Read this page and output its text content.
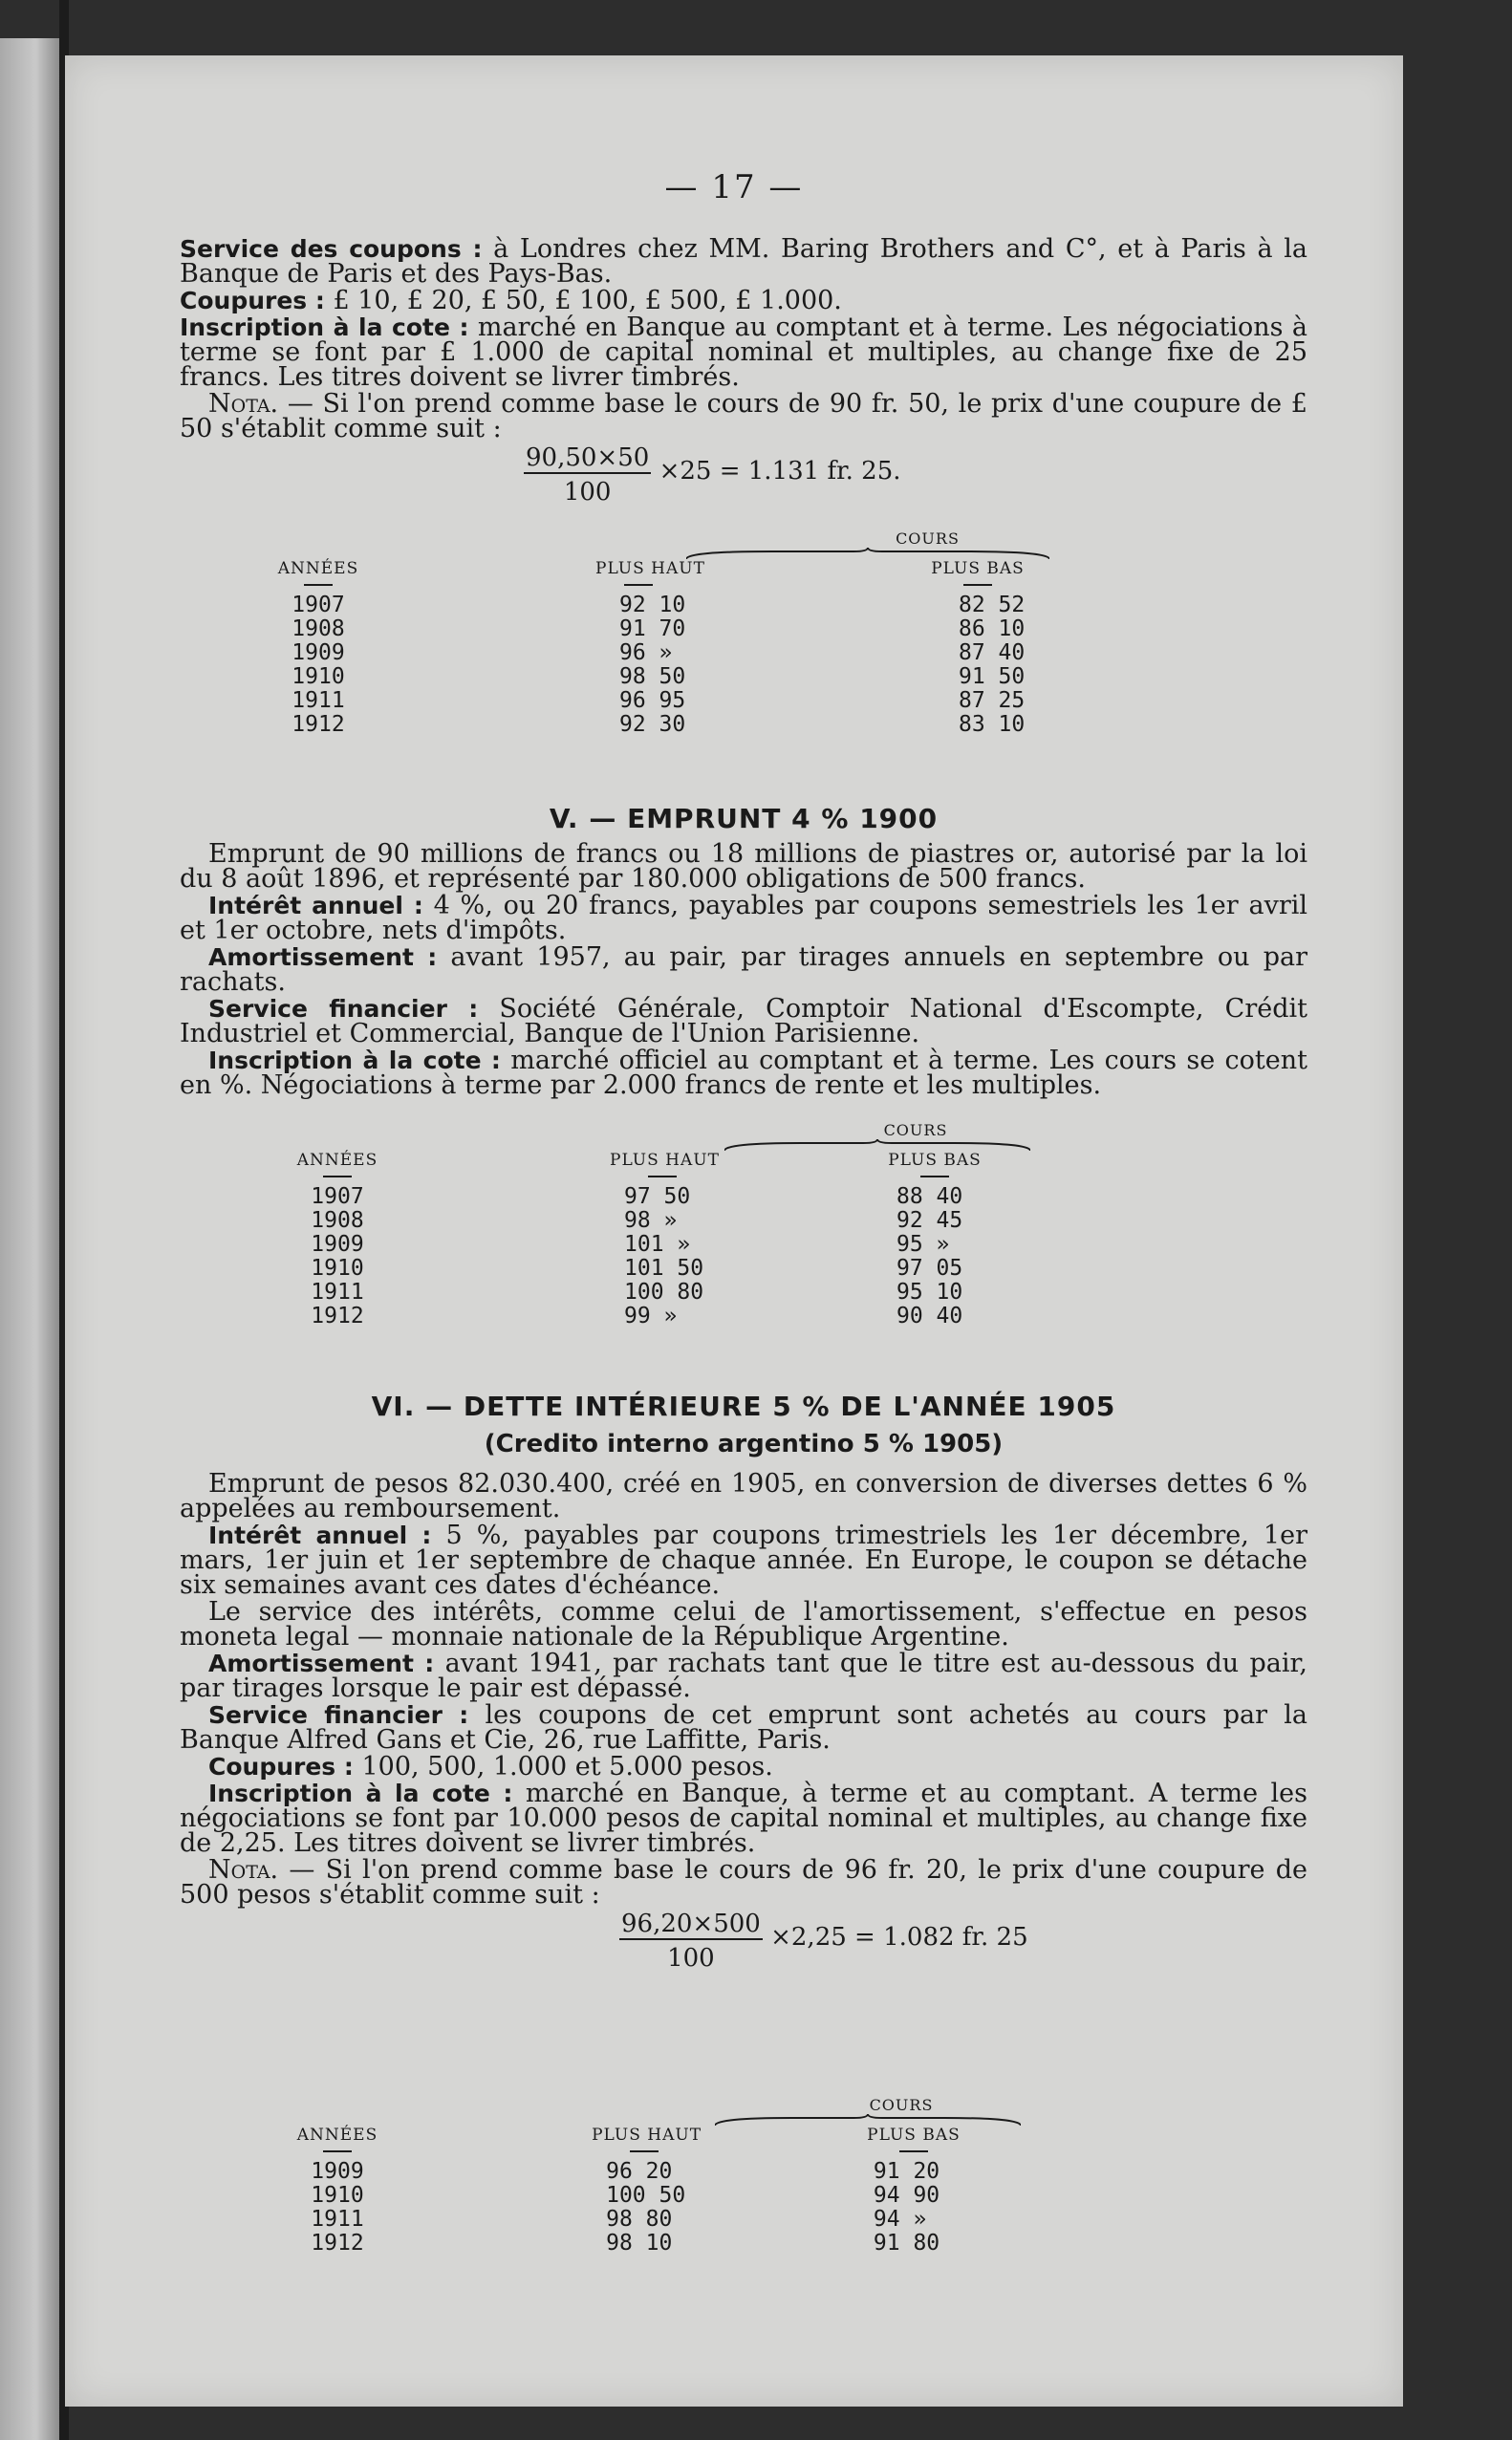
— 17 —

Service des coupons : à Londres chez MM. Baring Brothers and C°, et à Paris à la Banque de Paris et des Pays-Bas.

Coupures : £ 10, £ 20, £ 50, £ 100, £ 500, £ 1.000.

Inscription à la cote : marché en Banque au comptant et à terme. Les négociations à terme se font par £ 1.000 de capital nominal et multiples, au change fixe de 25 francs. Les titres doivent se livrer timbrés.

Nota. — Si l'on prend comme base le cours de 90 fr. 50, le prix d'une coupure de £ 50 s'établit comme suit :

$\frac{90,50\times 50}{100} \times 25 = 1.131$ fr. 25.

	COURS		

ANNÉES		PLUS HAUT	PLUS BAS

1907		92 10	82 52
1908		91 70	86 10
1909		96 »	87 40
1910		98 50	91 50
1911		96 95	87 25
1912		92 30	83 10
V. — EMPRUNT 4 % 1900

Emprunt de 90 millions de francs ou 18 millions de piastres or, autorisé par la loi du 8 août 1896, et représenté par 180.000 obligations de 500 francs.

Intérêt annuel : 4 %, ou 20 francs, payables par coupons semestriels les 1er avril et 1er octobre, nets d'impôts.

Amortissement : avant 1957, au pair, par tirages annuels en septembre ou par rachats.

Service financier : Société Générale, Comptoir National d'Escompte, Crédit Industriel et Commercial, Banque de l'Union Parisienne.

Inscription à la cote : marché officiel au comptant et à terme. Les cours se cotent en %. Négociations à terme par 2.000 francs de rente et les multiples.

	COURS		

ANNÉES		PLUS HAUT	PLUS BAS

1907		97 50	88 40
1908		98 »	92 45
1909		101 »	95 »
1910		101 50	97 05
1911		100 80	95 10
1912		99 »	90 40
VI. — DETTE INTÉRIEURE 5 % DE L'ANNÉE 1905
(Credito interno argentino 5 % 1905)

Emprunt de pesos 82.030.400, créé en 1905, en conversion de diverses dettes 6 % appelées au remboursement.

Intérêt annuel : 5 %, payables par coupons trimestriels les 1er décembre, 1er mars, 1er juin et 1er septembre de chaque année. En Europe, le coupon se détache six semaines avant ces dates d'échéance.

Le service des intérêts, comme celui de l'amortissement, s'effectue en pesos moneta legal — monnaie nationale de la République Argentine.

Amortissement : avant 1941, par rachats tant que le titre est au-dessous du pair, par tirages lorsque le pair est dépassé.

Service financier : les coupons de cet emprunt sont achetés au cours par la Banque Alfred Gans et Cie, 26, rue Laffitte, Paris.

Coupures : 100, 500, 1.000 et 5.000 pesos.

Inscription à la cote : marché en Banque, à terme et au comptant. A terme les négociations se font par 10.000 pesos de capital nominal et multiples, au change fixe de 2,25. Les titres doivent se livrer timbrés.

Nota. — Si l'on prend comme base le cours de 96 fr. 20, le prix d'une coupure de 500 pesos s'établit comme suit :

$\frac{96,20\times 500}{100} \times 2,25 = 1.082$ fr. 25

	COURS		

ANNÉES		PLUS HAUT	PLUS BAS

1909		96 20	91 20
1910		100 50	94 90
1911		98 80	94 »
1912		98 10	91 80
